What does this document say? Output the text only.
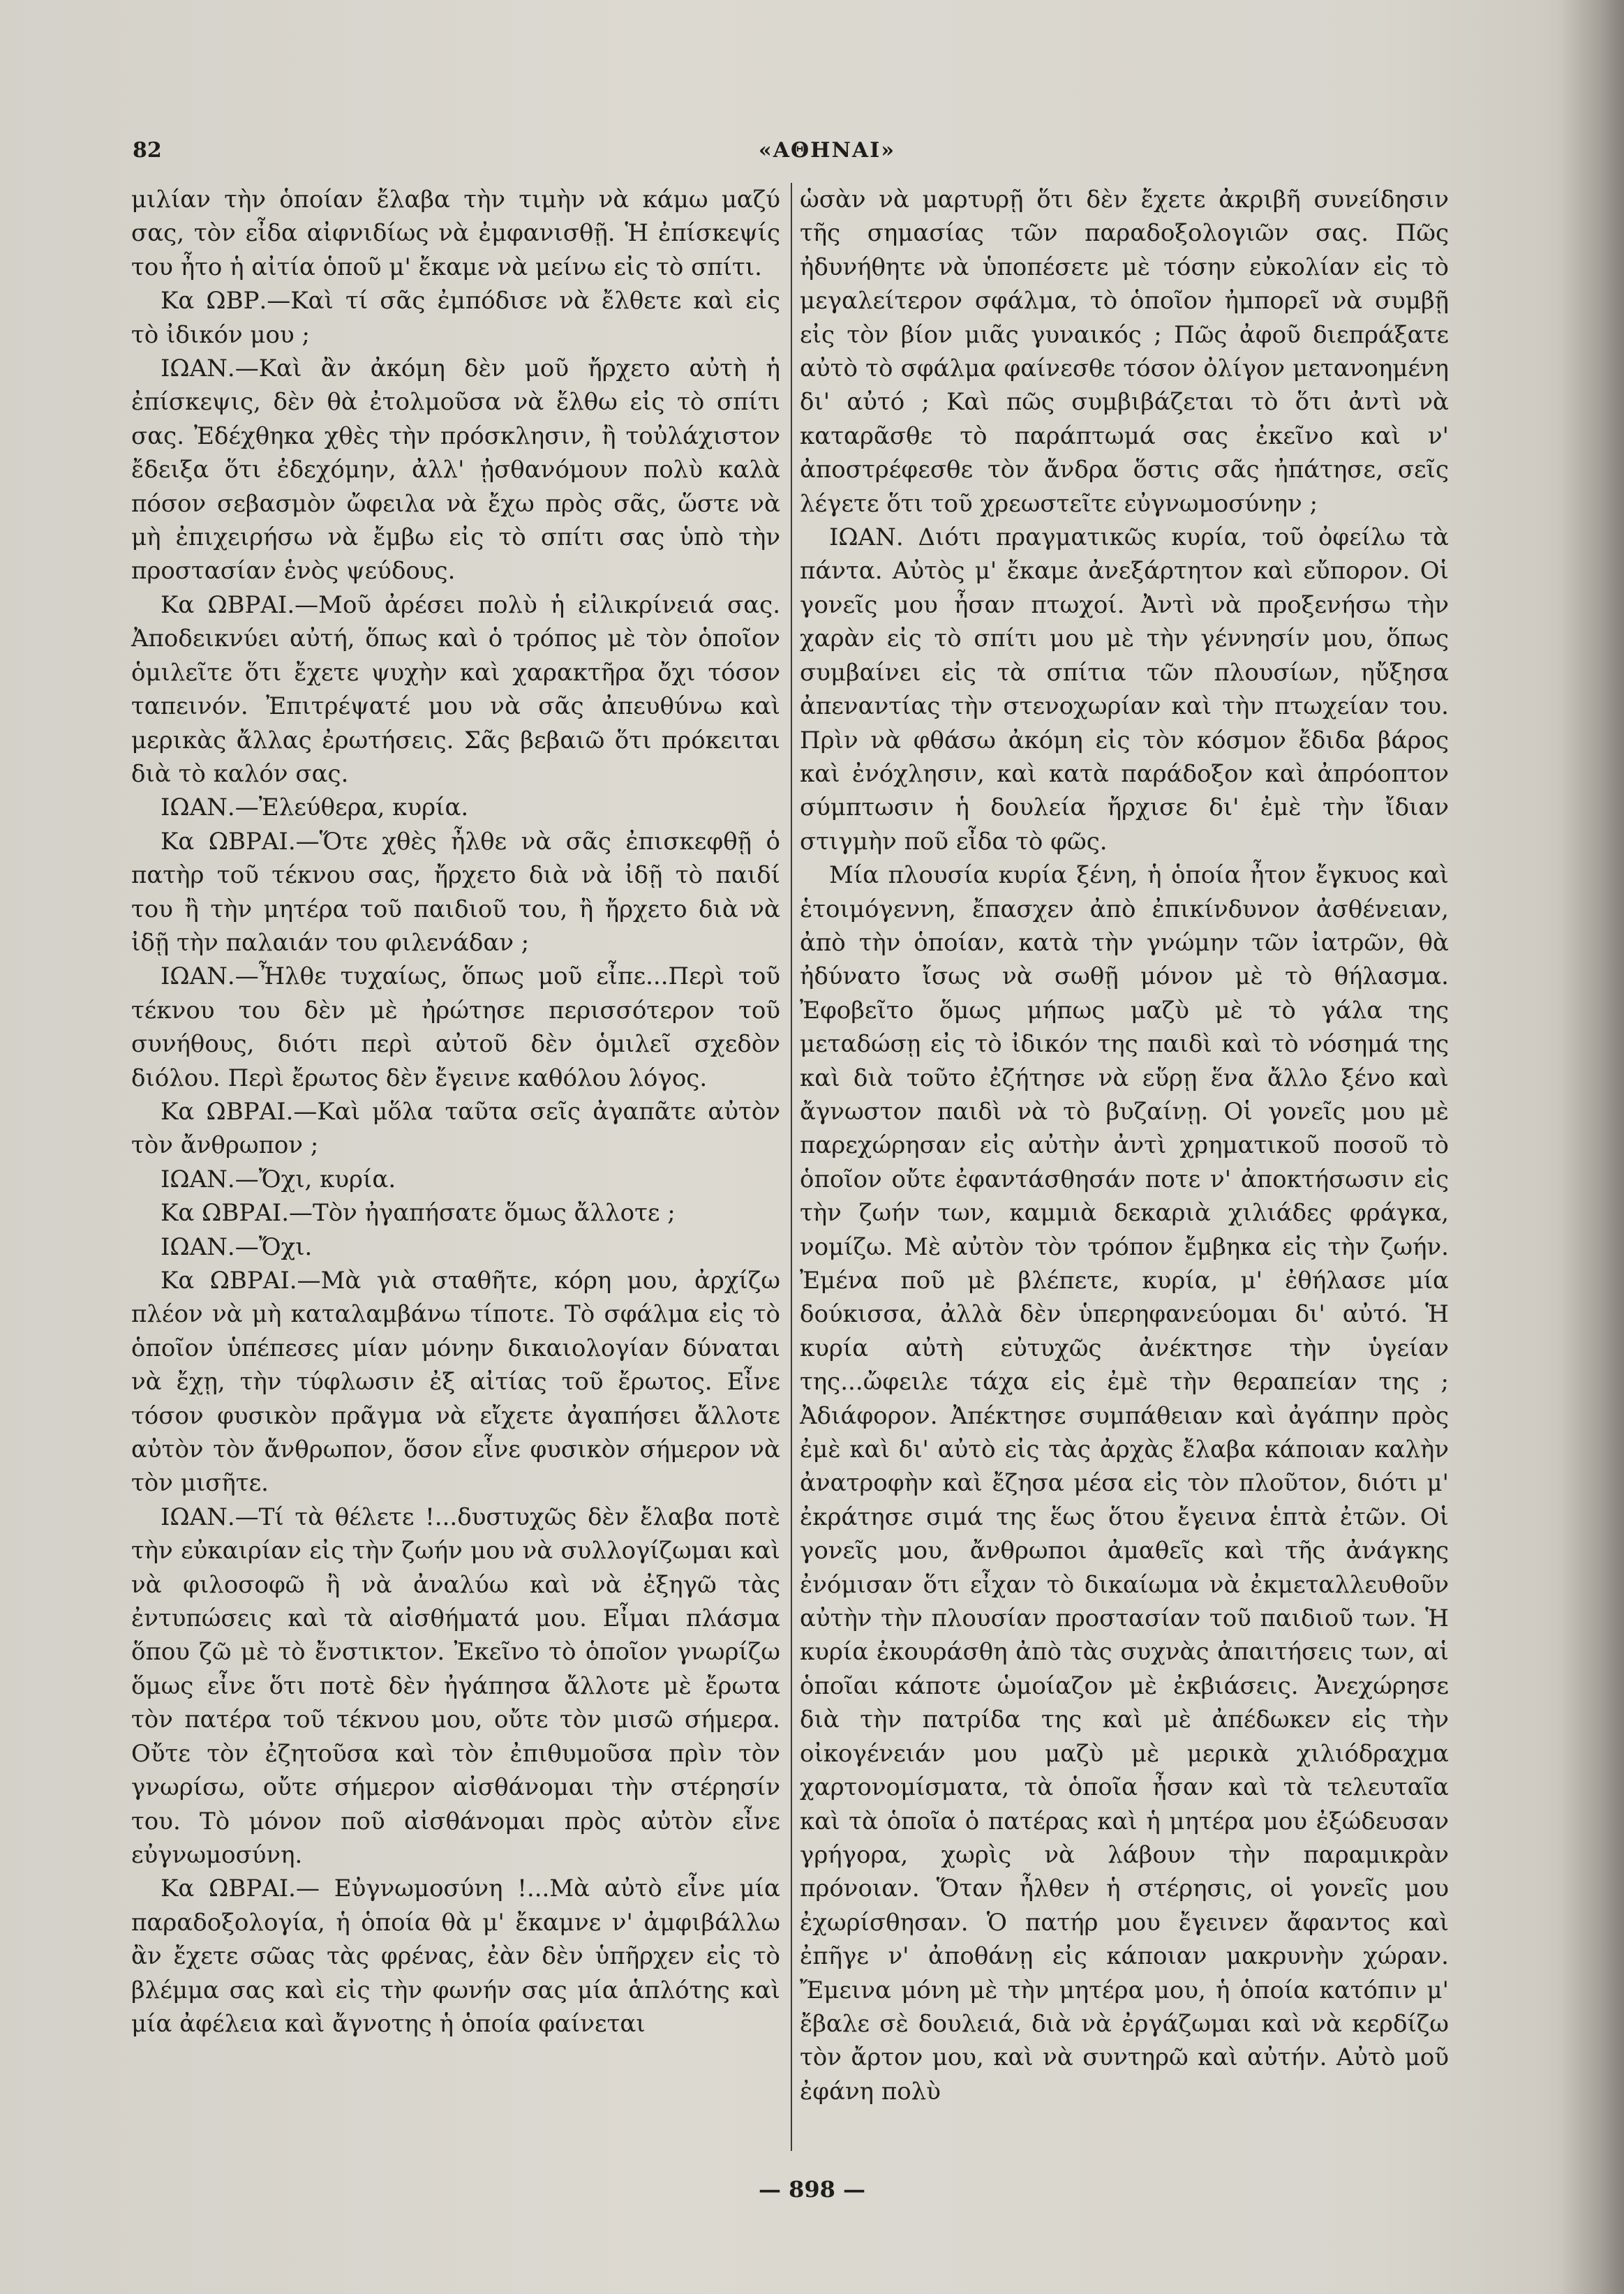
82	«ΑΘΗΝΑΙ»

μιλίαν τὴν ὁποίαν ἔλαβα τὴν τιμὴν νὰ κάμω μαζύ σας, τὸν εἶδα αἰφνιδίως νὰ ἐμφανισθῇ. Ἡ ἐπίσκεψίς του ἦτο ἡ αἰτία ὁποῦ μ' ἔκαμε νὰ μείνω εἰς τὸ σπίτι.

Κα ΩΒΡ.—Καὶ τί σᾶς ἐμπόδισε νὰ ἔλθετε καὶ εἰς τὸ ἰδικόν μου ;

ΙΩΑΝ.—Καὶ ἂν ἀκόμη δὲν μοῦ ἤρχετο αὐτὴ ἡ ἐπίσκεψις, δὲν θὰ ἐτολμοῦσα νὰ ἔλθω εἰς τὸ σπίτι σας. Ἐδέχθηκα χθὲς τὴν πρόσκλησιν, ἢ τοὐλάχιστον ἔδειξα ὅτι ἐδεχόμην, ἀλλ' ᾐσθανόμουν πολὺ καλὰ πόσον σεβασμὸν ὤφειλα νὰ ἔχω πρὸς σᾶς, ὥστε νὰ μὴ ἐπιχειρήσω νὰ ἔμβω εἰς τὸ σπίτι σας ὑπὸ τὴν προστασίαν ἑνὸς ψεύδους.

Κα ΩΒΡΑΙ.—Μοῦ ἀρέσει πολὺ ἡ εἰλικρίνειά σας. Ἀποδεικνύει αὐτή, ὅπως καὶ ὁ τρόπος μὲ τὸν ὁποῖον ὁμιλεῖτε ὅτι ἔχετε ψυχὴν καὶ χαρακτῆρα ὄχι τόσον ταπεινόν. Ἐπιτρέψατέ μου νὰ σᾶς ἀπευθύνω καὶ μερικὰς ἄλλας ἐρωτήσεις. Σᾶς βεβαιῶ ὅτι πρόκειται διὰ τὸ καλόν σας.

ΙΩΑΝ.—Ἐλεύθερα, κυρία.

Κα ΩΒΡΑΙ.—Ὅτε χθὲς ἦλθε νὰ σᾶς ἐπισκεφθῇ ὁ πατὴρ τοῦ τέκνου σας, ἤρχετο διὰ νὰ ἰδῇ τὸ παιδί του ἢ τὴν μητέρα τοῦ παιδιοῦ του, ἢ ἤρχετο διὰ νὰ ἰδῇ τὴν παλαιάν του φιλενάδαν ;

ΙΩΑΝ.—Ἦλθε τυχαίως, ὅπως μοῦ εἶπε...Περὶ τοῦ τέκνου του δὲν μὲ ἠρώτησε περισσότερον τοῦ συνήθους, διότι περὶ αὐτοῦ δὲν ὁμιλεῖ σχεδὸν διόλου. Περὶ ἔρωτος δὲν ἔγεινε καθόλου λόγος.

Κα ΩΒΡΑΙ.—Καὶ μὅλα ταῦτα σεῖς ἀγαπᾶτε αὐτὸν τὸν ἄνθρωπον ;

ΙΩΑΝ.—Ὄχι, κυρία.

Κα ΩΒΡΑΙ.—Τὸν ἠγαπήσατε ὅμως ἄλλοτε ;

ΙΩΑΝ.—Ὄχι.

Κα ΩΒΡΑΙ.—Μὰ γιὰ σταθῆτε, κόρη μου, ἀρχίζω πλέον νὰ μὴ καταλαμβάνω τίποτε. Τὸ σφάλμα εἰς τὸ ὁποῖον ὑπέπεσες μίαν μόνην δικαιολογίαν δύναται νὰ ἔχῃ, τὴν τύφλωσιν ἐξ αἰτίας τοῦ ἔρωτος. Εἶνε τόσον φυσικὸν πρᾶγμα νὰ εἴχετε ἀγαπήσει ἄλλοτε αὐτὸν τὸν ἄνθρωπον, ὅσον εἶνε φυσικὸν σήμερον νὰ τὸν μισῆτε.

ΙΩΑΝ.—Τί τὰ θέλετε !...δυστυχῶς δὲν ἔλαβα ποτὲ τὴν εὐκαιρίαν εἰς τὴν ζωήν μου νὰ συλλογίζωμαι καὶ νὰ φιλοσοφῶ ἢ νὰ ἀναλύω καὶ νὰ ἐξηγῶ τὰς ἐντυπώσεις καὶ τὰ αἰσθήματά μου. Εἶμαι πλάσμα ὅπου ζῶ μὲ τὸ ἔνστικτον. Ἐκεῖνο τὸ ὁποῖον γνωρίζω ὅμως εἶνε ὅτι ποτὲ δὲν ἠγάπησα ἄλλοτε μὲ ἔρωτα τὸν πατέρα τοῦ τέκνου μου, οὔτε τὸν μισῶ σήμερα. Οὔτε τὸν ἐζητοῦσα καὶ τὸν ἐπιθυμοῦσα πρὶν τὸν γνωρίσω, οὔτε σήμερον αἰσθάνομαι τὴν στέρησίν του. Τὸ μόνον ποῦ αἰσθάνομαι πρὸς αὐτὸν εἶνε εὐγνωμοσύνη.

Κα ΩΒΡΑΙ.— Εὐγνωμοσύνη !...Μὰ αὐτὸ εἶνε μία παραδοξολογία, ἡ ὁποία θὰ μ' ἔκαμνε ν' ἀμφιβάλλω ἂν ἔχετε σῶας τὰς φρένας, ἐὰν δὲν ὑπῆρχεν εἰς τὸ βλέμμα σας καὶ εἰς τὴν φωνήν σας μία ἁπλότης καὶ μία ἀφέλεια καὶ ἄγνοτης ἡ ὁποία φαίνεται

ὡσὰν νὰ μαρτυρῇ ὅτι δὲν ἔχετε ἀκριβῆ συνείδησιν τῆς σημασίας τῶν παραδοξολογιῶν σας. Πῶς ἠδυνήθητε νὰ ὑποπέσετε μὲ τόσην εὐκολίαν εἰς τὸ μεγαλείτερον σφάλμα, τὸ ὁποῖον ἠμπορεῖ νὰ συμβῇ εἰς τὸν βίον μιᾶς γυναικός ; Πῶς ἀφοῦ διεπράξατε αὐτὸ τὸ σφάλμα φαίνεσθε τόσον ὀλίγον μετανοημένη δι' αὐτό ; Καὶ πῶς συμβιβάζεται τὸ ὅτι ἀντὶ νὰ καταρᾶσθε τὸ παράπτωμά σας ἐκεῖνο καὶ ν' ἀποστρέφεσθε τὸν ἄνδρα ὅστις σᾶς ἠπάτησε, σεῖς λέγετε ὅτι τοῦ χρεωστεῖτε εὐγνωμοσύνην ;

ΙΩΑΝ. Διότι πραγματικῶς κυρία, τοῦ ὀφείλω τὰ πάντα. Αὐτὸς μ' ἔκαμε ἀνεξάρτητον καὶ εὔπορον. Οἱ γονεῖς μου ἦσαν πτωχοί. Ἀντὶ νὰ προξενήσω τὴν χαρὰν εἰς τὸ σπίτι μου μὲ τὴν γέννησίν μου, ὅπως συμβαίνει εἰς τὰ σπίτια τῶν πλουσίων, ηὔξησα ἀπεναντίας τὴν στενοχωρίαν καὶ τὴν πτωχείαν του. Πρὶν νὰ φθάσω ἀκόμη εἰς τὸν κόσμον ἔδιδα βάρος καὶ ἐνόχλησιν, καὶ κατὰ παράδοξον καὶ ἀπρόοπτον σύμπτωσιν ἡ δουλεία ἤρχισε δι' ἐμὲ τὴν ἴδιαν στιγμὴν ποῦ εἶδα τὸ φῶς.

Μία πλουσία κυρία ξένη, ἡ ὁποία ἦτον ἔγκυος καὶ ἑτοιμόγεννη, ἔπασχεν ἀπὸ ἐπικίνδυνον ἀσθένειαν, ἀπὸ τὴν ὁποίαν, κατὰ τὴν γνώμην τῶν ἰατρῶν, θὰ ἠδύνατο ἴσως νὰ σωθῇ μόνον μὲ τὸ θήλασμα. Ἐφοβεῖτο ὅμως μήπως μαζὺ μὲ τὸ γάλα της μεταδώσῃ εἰς τὸ ἰδικόν της παιδὶ καὶ τὸ νόσημά της καὶ διὰ τοῦτο ἐζήτησε νὰ εὕρῃ ἕνα ἄλλο ξένο καὶ ἄγνωστον παιδὶ νὰ τὸ βυζαίνῃ. Οἱ γονεῖς μου μὲ παρεχώρησαν εἰς αὐτὴν ἀντὶ χρηματικοῦ ποσοῦ τὸ ὁποῖον οὔτε ἐφαντάσθησάν ποτε ν' ἀποκτήσωσιν εἰς τὴν ζωήν των, καμμιὰ δεκαριὰ χιλιάδες φράγκα, νομίζω. Μὲ αὐτὸν τὸν τρόπον ἔμβηκα εἰς τὴν ζωήν. Ἐμένα ποῦ μὲ βλέπετε, κυρία, μ' ἐθήλασε μία δούκισσα, ἀλλὰ δὲν ὑπερηφανεύομαι δι' αὐτό. Ἡ κυρία αὐτὴ εὐτυχῶς ἀνέκτησε τὴν ὑγείαν της...ὤφειλε τάχα εἰς ἐμὲ τὴν θεραπείαν της ; Ἀδιάφορον. Ἀπέκτησε συμπάθειαν καὶ ἀγάπην πρὸς ἐμὲ καὶ δι' αὐτὸ εἰς τὰς ἀρχὰς ἔλαβα κάποιαν καλὴν ἀνατροφὴν καὶ ἔζησα μέσα εἰς τὸν πλοῦτον, διότι μ' ἐκράτησε σιμά της ἕως ὅτου ἔγεινα ἑπτὰ ἐτῶν. Οἱ γονεῖς μου, ἄνθρωποι ἀμαθεῖς καὶ τῆς ἀνάγκης ἐνόμισαν ὅτι εἶχαν τὸ δικαίωμα νὰ ἐκμεταλλευθοῦν αὐτὴν τὴν πλουσίαν προστασίαν τοῦ παιδιοῦ των. Ἡ κυρία ἐκουράσθη ἀπὸ τὰς συχνὰς ἀπαιτήσεις των, αἱ ὁποῖαι κάποτε ὡμοίαζον μὲ ἐκβιάσεις. Ἀνεχώρησε διὰ τὴν πατρίδα της καὶ μὲ ἀπέδωκεν εἰς τὴν οἰκογένειάν μου μαζὺ μὲ μερικὰ χιλιόδραχμα χαρτονομίσματα, τὰ ὁποῖα ἦσαν καὶ τὰ τελευταῖα καὶ τὰ ὁποῖα ὁ πατέρας καὶ ἡ μητέρα μου ἐξώδευσαν γρήγορα, χωρὶς νὰ λάβουν τὴν παραμικρὰν πρόνοιαν. Ὅταν ἦλθεν ἡ στέρησις, οἱ γονεῖς μου ἐχωρίσθησαν. Ὁ πατήρ μου ἔγεινεν ἄφαντος καὶ ἐπῆγε ν' ἀποθάνῃ εἰς κάποιαν μακρυνὴν χώραν. Ἔμεινα μόνη μὲ τὴν μητέρα μου, ἡ ὁποία κατόπιν μ' ἔβαλε σὲ δουλειά, διὰ νὰ ἐργάζωμαι καὶ νὰ κερδίζω τὸν ἄρτον μου, καὶ νὰ συντηρῶ καὶ αὐτήν. Αὐτὸ μοῦ ἐφάνη πολὺ

— 898 —
